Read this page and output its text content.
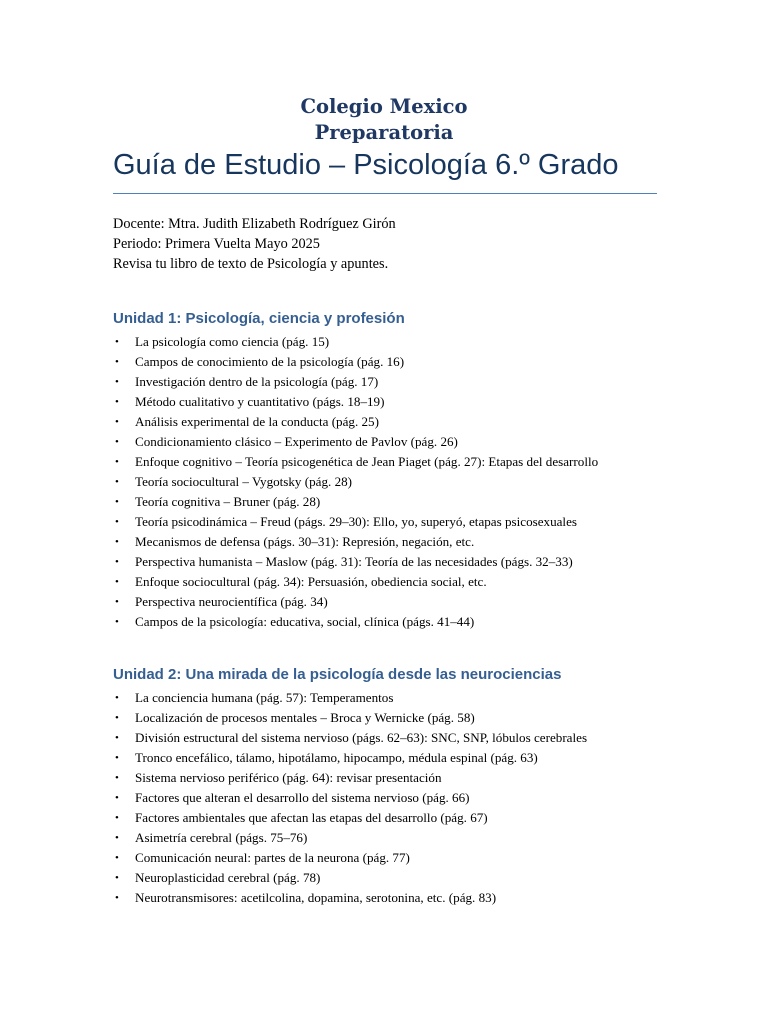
Colegio Mexico
Preparatoria
Guía de Estudio – Psicología 6.º Grado
Docente: Mtra. Judith Elizabeth Rodríguez Girón
Periodo: Primera Vuelta Mayo 2025
Revisa tu libro de texto de Psicología y apuntes.
Unidad 1: Psicología, ciencia y profesión
• La psicología como ciencia (pág. 15)
• Campos de conocimiento de la psicología (pág. 16)
• Investigación dentro de la psicología (pág. 17)
• Método cualitativo y cuantitativo (págs. 18–19)
• Análisis experimental de la conducta (pág. 25)
• Condicionamiento clásico – Experimento de Pavlov (pág. 26)
• Enfoque cognitivo – Teoría psicogenética de Jean Piaget (pág. 27): Etapas del desarrollo
• Teoría sociocultural – Vygotsky (pág. 28)
• Teoría cognitiva – Bruner (pág. 28)
• Teoría psicodinámica – Freud (págs. 29–30): Ello, yo, superyó, etapas psicosexuales
• Mecanismos de defensa (págs. 30–31): Represión, negación, etc.
• Perspectiva humanista – Maslow (pág. 31): Teoría de las necesidades (págs. 32–33)
• Enfoque sociocultural (pág. 34): Persuasión, obediencia social, etc.
• Perspectiva neurocientífica (pág. 34)
• Campos de la psicología: educativa, social, clínica (págs. 41–44)
Unidad 2: Una mirada de la psicología desde las neurociencias
• La conciencia humana (pág. 57): Temperamentos
• Localización de procesos mentales – Broca y Wernicke (pág. 58)
• División estructural del sistema nervioso (págs. 62–63): SNC, SNP, lóbulos cerebrales
• Tronco encefálico, tálamo, hipotálamo, hipocampo, médula espinal (pág. 63)
• Sistema nervioso periférico (pág. 64): revisar presentación
• Factores que alteran el desarrollo del sistema nervioso (pág. 66)
• Factores ambientales que afectan las etapas del desarrollo (pág. 67)
• Asimetría cerebral (págs. 75–76)
• Comunicación neural: partes de la neurona (pág. 77)
• Neuroplasticidad cerebral (pág. 78)
• Neurotransmisores: acetilcolina, dopamina, serotonina, etc. (pág. 83)
